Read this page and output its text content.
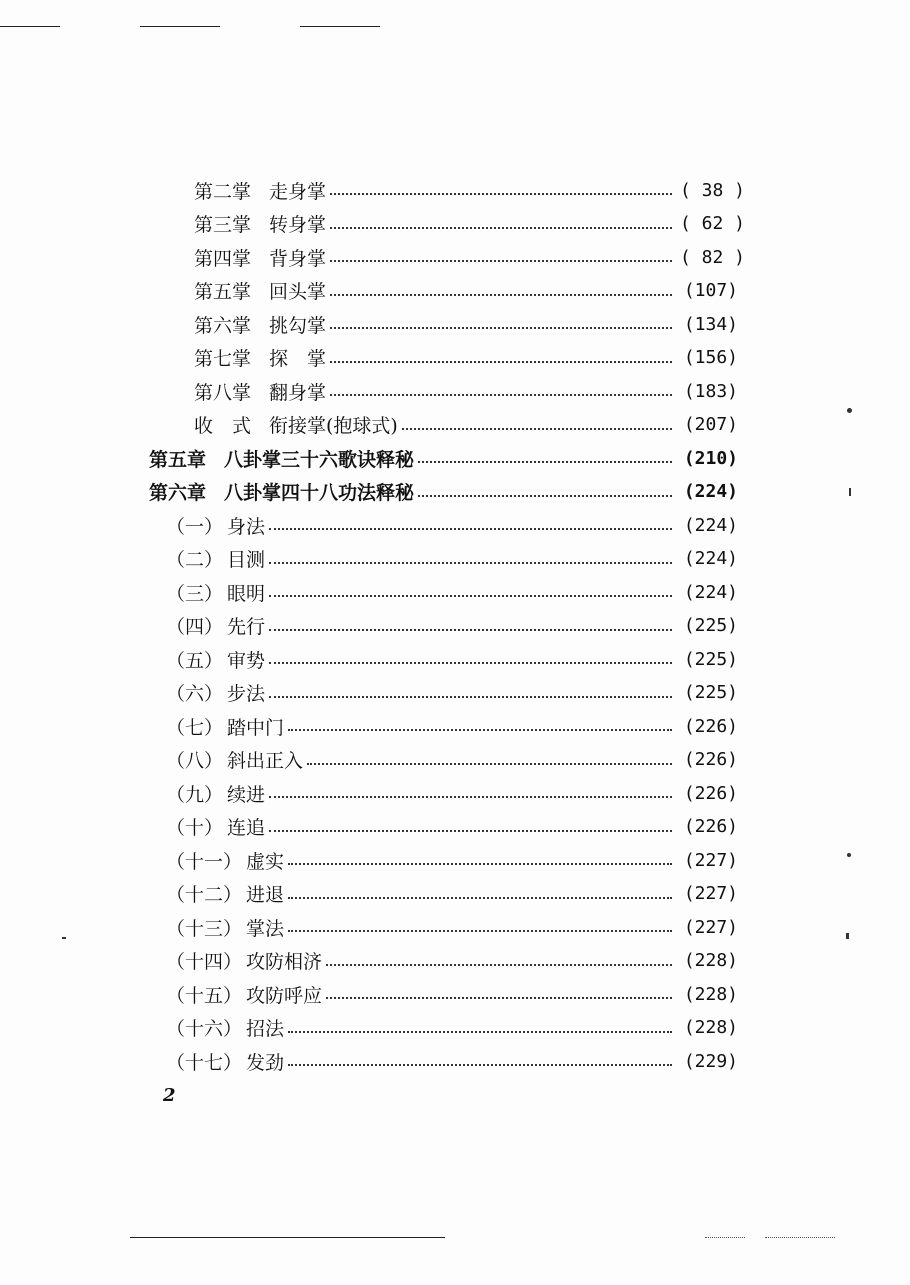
第二掌 走身掌	( 38 )
第三掌 转身掌	( 62 )
第四掌 背身掌	( 82 )
第五掌 回头掌	(107)
第六掌 挑勾掌	(134)
第七掌 探　掌	(156)
第八掌 翻身掌	(183)
收　式 衔接掌(抱球式)	(207)
第五章 八卦掌三十六歌诀释秘	(210)
第六章 八卦掌四十八功法释秘	(224)
（一） 身法	(224)
（二） 目测	(224)
（三） 眼明	(224)
（四） 先行	(225)
（五） 审势	(225)
（六） 步法	(225)
（七） 踏中门	(226)
（八） 斜出正入	(226)
（九） 续进	(226)
（十） 连追	(226)
（十一） 虚实	(227)
（十二） 进退	(227)
（十三） 掌法	(227)
（十四） 攻防相济	(228)
（十五） 攻防呼应	(228)
（十六） 招法	(228)
（十七） 发劲	(229)
2
